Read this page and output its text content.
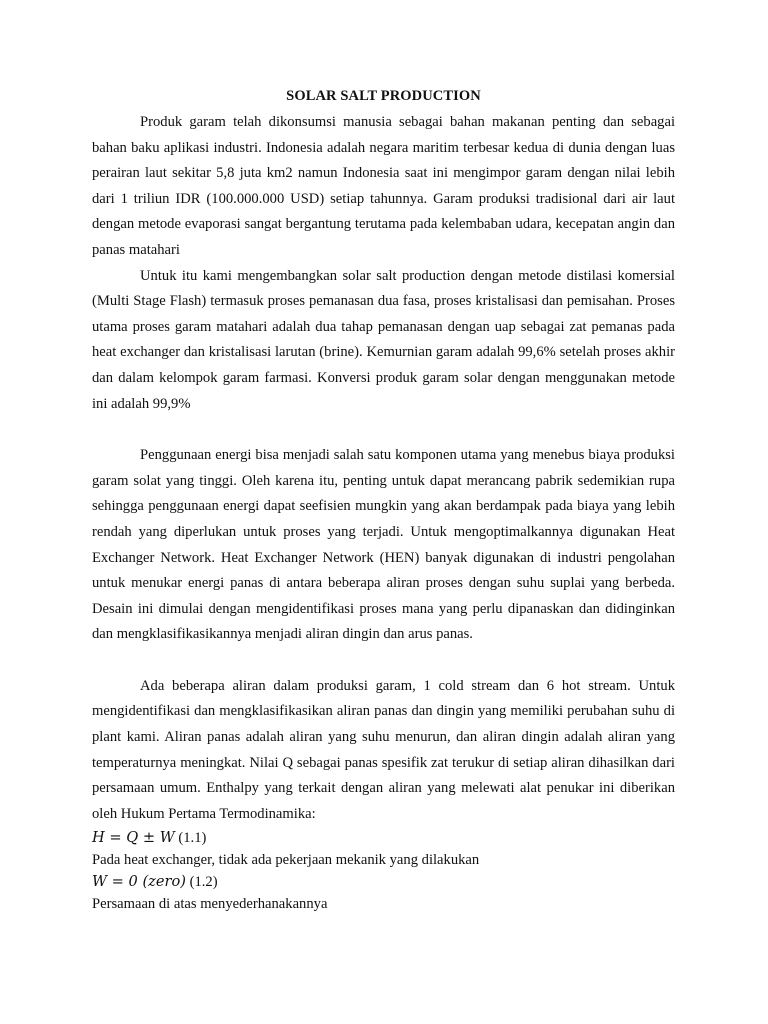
SOLAR SALT PRODUCTION

Produk garam telah dikonsumsi manusia sebagai bahan makanan penting dan sebagai bahan baku aplikasi industri. Indonesia adalah negara maritim terbesar kedua di dunia dengan luas perairan laut sekitar 5,8 juta km2 namun Indonesia saat ini mengimpor garam dengan nilai lebih dari 1 triliun IDR (100.000.000 USD) setiap tahunnya. Garam produksi tradisional dari air laut dengan metode evaporasi sangat bergantung terutama pada kelembaban udara, kecepatan angin dan panas matahari

Untuk itu kami mengembangkan solar salt production dengan metode distilasi komersial (Multi Stage Flash) termasuk proses pemanasan dua fasa, proses kristalisasi dan pemisahan. Proses utama proses garam matahari adalah dua tahap pemanasan dengan uap sebagai zat pemanas pada heat exchanger dan kristalisasi larutan (brine). Kemurnian garam adalah 99,6% setelah proses akhir dan dalam kelompok garam farmasi. Konversi produk garam solar dengan menggunakan metode ini adalah 99,9%

Penggunaan energi bisa menjadi salah satu komponen utama yang menebus biaya produksi garam solat yang tinggi. Oleh karena itu, penting untuk dapat merancang pabrik sedemikian rupa sehingga penggunaan energi dapat seefisien mungkin yang akan berdampak pada biaya yang lebih rendah yang diperlukan untuk proses yang terjadi. Untuk mengoptimalkannya digunakan Heat Exchanger Network. Heat Exchanger Network (HEN) banyak digunakan di industri pengolahan untuk menukar energi panas di antara beberapa aliran proses dengan suhu suplai yang berbeda. Desain ini dimulai dengan mengidentifikasi proses mana yang perlu dipanaskan dan didinginkan dan mengklasifikasikannya menjadi aliran dingin dan arus panas.

Ada beberapa aliran dalam produksi garam, 1 cold stream dan 6 hot stream. Untuk mengidentifikasi dan mengklasifikasikan aliran panas dan dingin yang memiliki perubahan suhu di plant kami. Aliran panas adalah aliran yang suhu menurun, dan aliran dingin adalah aliran yang temperaturnya meningkat. Nilai Q sebagai panas spesifik zat terukur di setiap aliran dihasilkan dari persamaan umum. Enthalpy yang terkait dengan aliran yang melewati alat penukar ini diberikan oleh Hukum Pertama Termodinamika:

H = Q ± W (1.1)
Pada heat exchanger, tidak ada pekerjaan mekanik yang dilakukan
W = 0 (zero) (1.2)
Persamaan di atas menyederhanakannya
